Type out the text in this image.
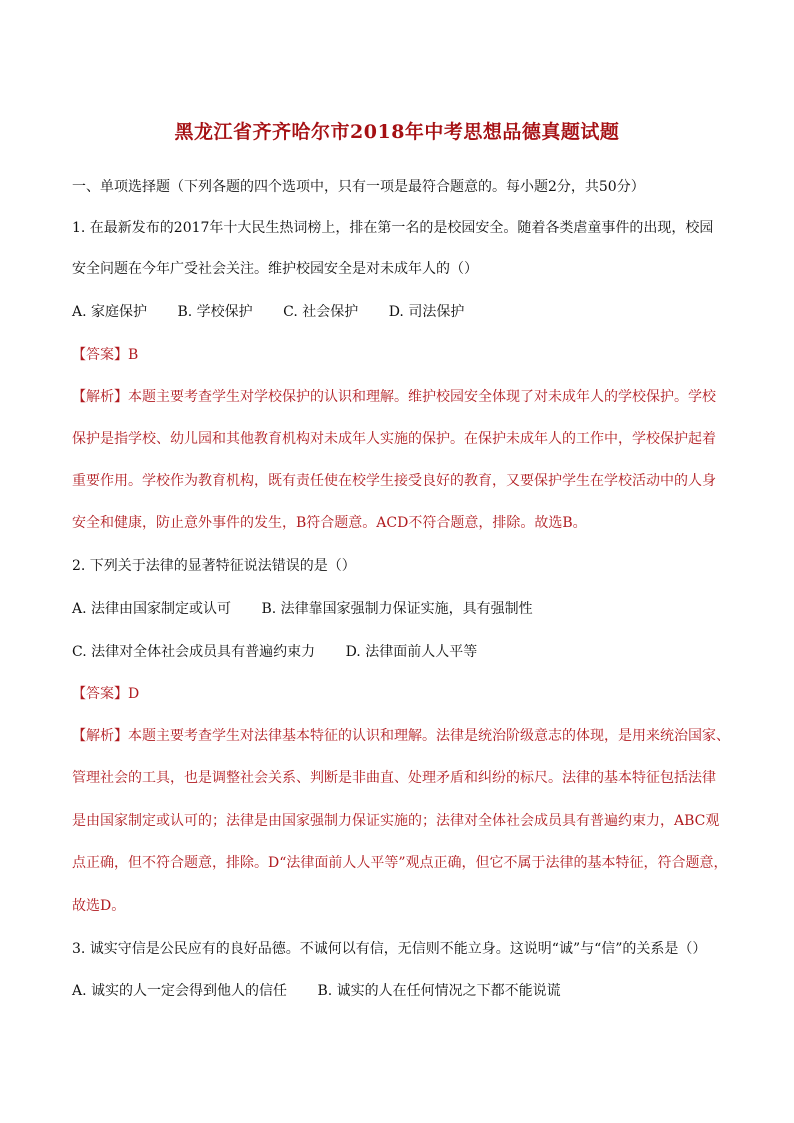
黑龙江省齐齐哈尔市2018年中考思想品德真题试题
一、单项选择题（下列各题的四个选项中，只有一项是最符合题意的。每小题2分，共50分）
1. 在最新发布的2017年十大民生热词榜上，排在第一名的是校园安全。随着各类虐童事件的出现，校园
安全问题在今年广受社会关注。维护校园安全是对未成年人的（）
A. 家庭保护 B. 学校保护 C. 社会保护 D. 司法保护
【答案】B
【解析】本题主要考查学生对学校保护的认识和理解。维护校园安全体现了对未成年人的学校保护。学校
保护是指学校、幼儿园和其他教育机构对未成年人实施的保护。在保护未成年人的工作中，学校保护起着
重要作用。学校作为教育机构，既有责任使在校学生接受良好的教育，又要保护学生在学校活动中的人身
安全和健康，防止意外事件的发生，B符合题意。ACD不符合题意，排除。故选B。
2. 下列关于法律的显著特征说法错误的是（）
A. 法律由国家制定或认可 B. 法律靠国家强制力保证实施，具有强制性
C. 法律对全体社会成员具有普遍约束力 D. 法律面前人人平等
【答案】D
【解析】本题主要考查学生对法律基本特征的认识和理解。法律是统治阶级意志的体现，是用来统治国家、
管理社会的工具，也是调整社会关系、判断是非曲直、处理矛盾和纠纷的标尺。法律的基本特征包括法律
是由国家制定或认可的；法律是由国家强制力保证实施的；法律对全体社会成员具有普遍约束力，ABC观
点正确，但不符合题意，排除。D“法律面前人人平等”观点正确，但它不属于法律的基本特征，符合题意，
故选D。
3. 诚实守信是公民应有的良好品德。不诚何以有信，无信则不能立身。这说明“诚”与“信”的关系是（）
A. 诚实的人一定会得到他人的信任 B. 诚实的人在任何情况之下都不能说谎
